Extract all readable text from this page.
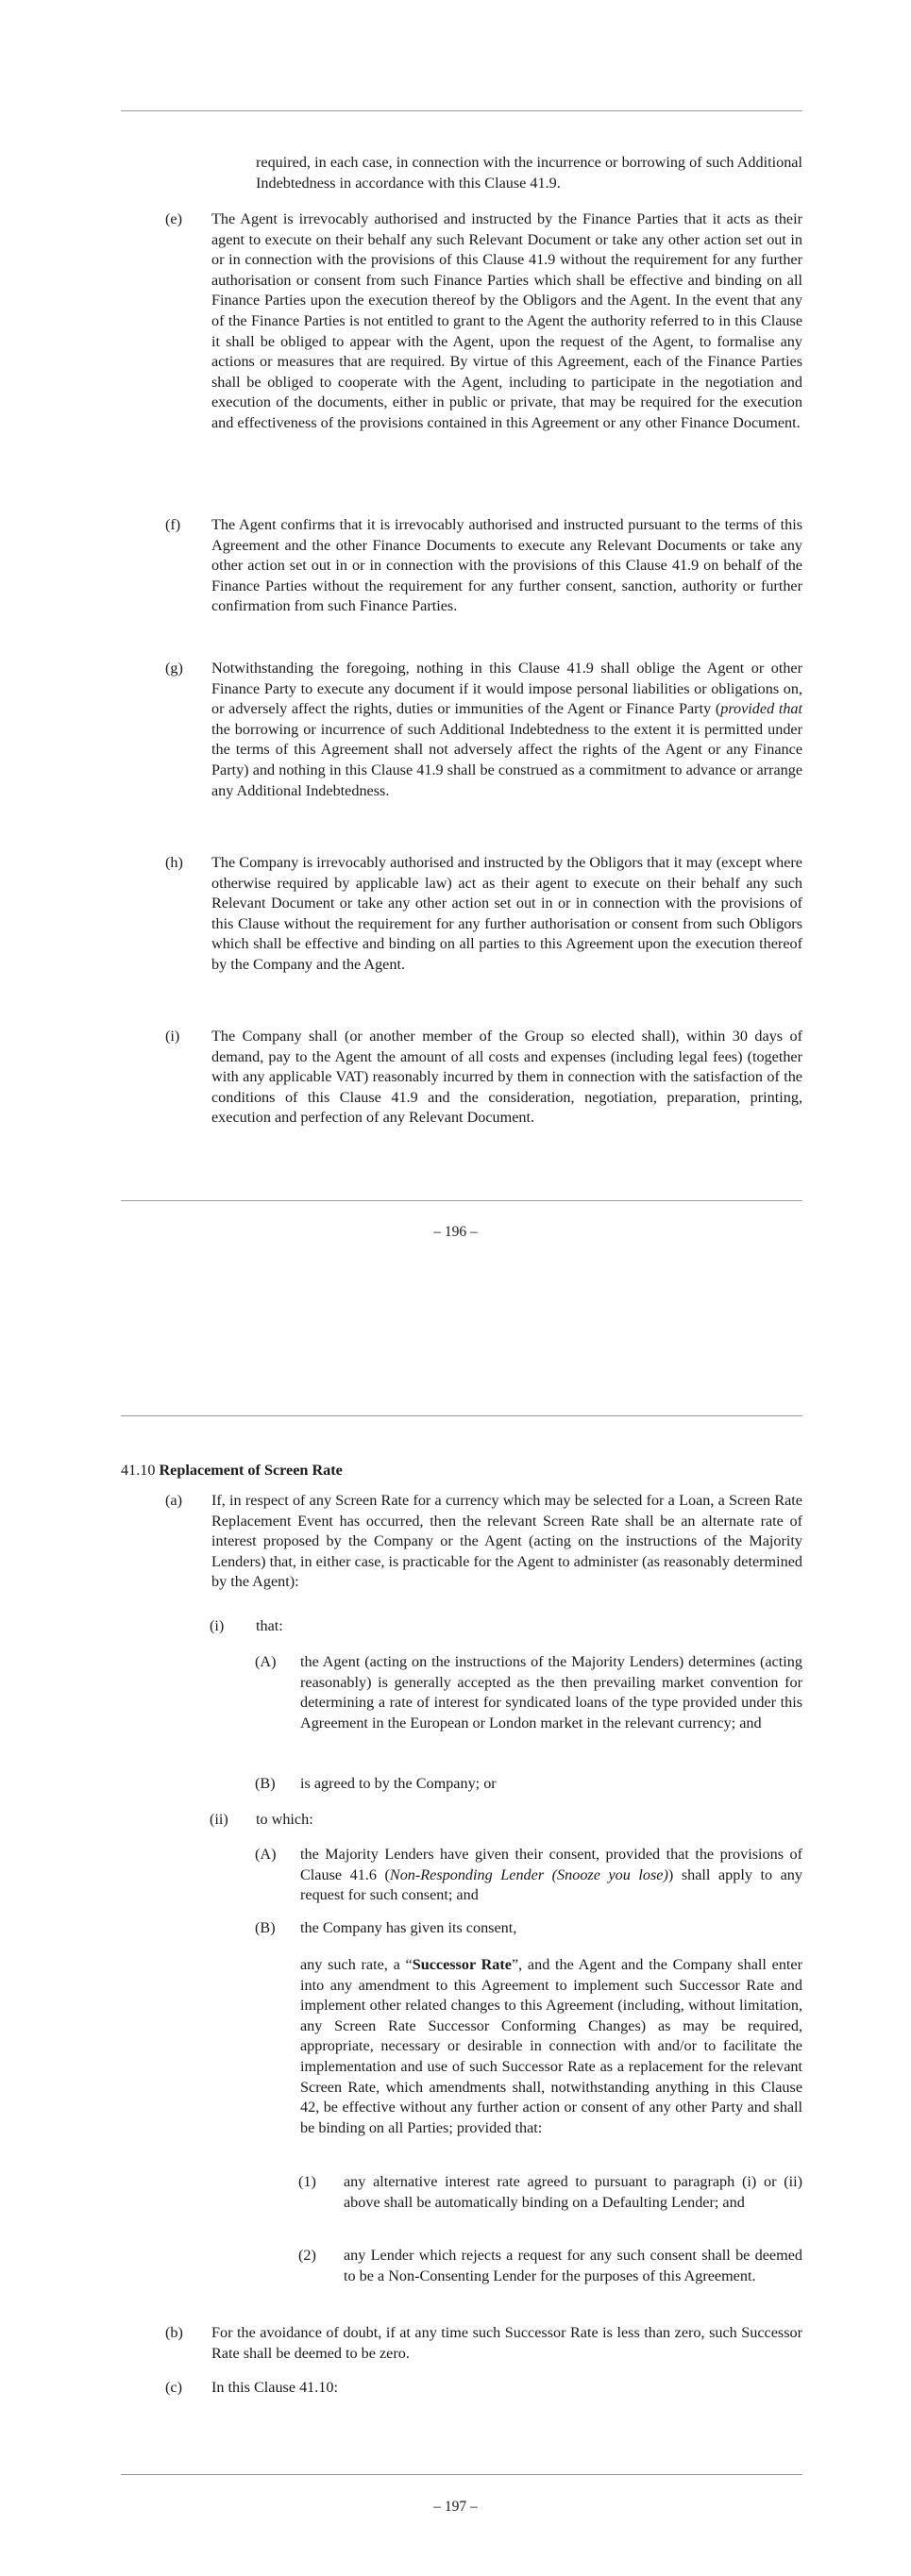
required, in each case, in connection with the incurrence or borrowing of such Additional Indebtedness in accordance with this Clause 41.9.
(e) The Agent is irrevocably authorised and instructed by the Finance Parties that it acts as their agent to execute on their behalf any such Relevant Document or take any other action set out in or in connection with the provisions of this Clause 41.9 without the requirement for any further authorisation or consent from such Finance Parties which shall be effective and binding on all Finance Parties upon the execution thereof by the Obligors and the Agent. In the event that any of the Finance Parties is not entitled to grant to the Agent the authority referred to in this Clause it shall be obliged to appear with the Agent, upon the request of the Agent, to formalise any actions or measures that are required. By virtue of this Agreement, each of the Finance Parties shall be obliged to cooperate with the Agent, including to participate in the negotiation and execution of the documents, either in public or private, that may be required for the execution and effectiveness of the provisions contained in this Agreement or any other Finance Document.
(f) The Agent confirms that it is irrevocably authorised and instructed pursuant to the terms of this Agreement and the other Finance Documents to execute any Relevant Documents or take any other action set out in or in connection with the provisions of this Clause 41.9 on behalf of the Finance Parties without the requirement for any further consent, sanction, authority or further confirmation from such Finance Parties.
(g) Notwithstanding the foregoing, nothing in this Clause 41.9 shall oblige the Agent or other Finance Party to execute any document if it would impose personal liabilities or obligations on, or adversely affect the rights, duties or immunities of the Agent or Finance Party (provided that the borrowing or incurrence of such Additional Indebtedness to the extent it is permitted under the terms of this Agreement shall not adversely affect the rights of the Agent or any Finance Party) and nothing in this Clause 41.9 shall be construed as a commitment to advance or arrange any Additional Indebtedness.
(h) The Company is irrevocably authorised and instructed by the Obligors that it may (except where otherwise required by applicable law) act as their agent to execute on their behalf any such Relevant Document or take any other action set out in or in connection with the provisions of this Clause without the requirement for any further authorisation or consent from such Obligors which shall be effective and binding on all parties to this Agreement upon the execution thereof by the Company and the Agent.
(i) The Company shall (or another member of the Group so elected shall), within 30 days of demand, pay to the Agent the amount of all costs and expenses (including legal fees) (together with any applicable VAT) reasonably incurred by them in connection with the satisfaction of the conditions of this Clause 41.9 and the consideration, negotiation, preparation, printing, execution and perfection of any Relevant Document.
– 196 –
41.10 Replacement of Screen Rate
(a) If, in respect of any Screen Rate for a currency which may be selected for a Loan, a Screen Rate Replacement Event has occurred, then the relevant Screen Rate shall be an alternate rate of interest proposed by the Company or the Agent (acting on the instructions of the Majority Lenders) that, in either case, is practicable for the Agent to administer (as reasonably determined by the Agent):
(i) that:
(A) the Agent (acting on the instructions of the Majority Lenders) determines (acting reasonably) is generally accepted as the then prevailing market convention for determining a rate of interest for syndicated loans of the type provided under this Agreement in the European or London market in the relevant currency; and
(B) is agreed to by the Company; or
(ii) to which:
(A) the Majority Lenders have given their consent, provided that the provisions of Clause 41.6 (Non-Responding Lender (Snooze you lose)) shall apply to any request for such consent; and
(B) the Company has given its consent,
any such rate, a “Successor Rate”, and the Agent and the Company shall enter into any amendment to this Agreement to implement such Successor Rate and implement other related changes to this Agreement (including, without limitation, any Screen Rate Successor Conforming Changes) as may be required, appropriate, necessary or desirable in connection with and/or to facilitate the implementation and use of such Successor Rate as a replacement for the relevant Screen Rate, which amendments shall, notwithstanding anything in this Clause 42, be effective without any further action or consent of any other Party and shall be binding on all Parties; provided that:
(1) any alternative interest rate agreed to pursuant to paragraph (i) or (ii) above shall be automatically binding on a Defaulting Lender; and
(2) any Lender which rejects a request for any such consent shall be deemed to be a Non-Consenting Lender for the purposes of this Agreement.
(b) For the avoidance of doubt, if at any time such Successor Rate is less than zero, such Successor Rate shall be deemed to be zero.
(c) In this Clause 41.10:
– 197 –
